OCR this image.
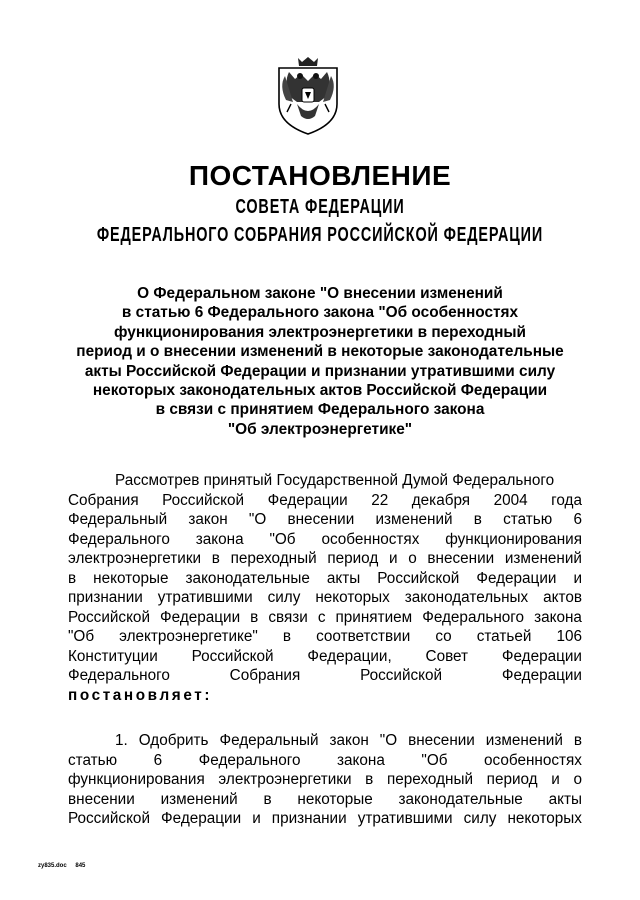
ПОСТАНОВЛЕНИЕ
СОВЕТА ФЕДЕРАЦИИ
ФЕДЕРАЛЬНОГО СОБРАНИЯ РОССИЙСКОЙ ФЕДЕРАЦИИ
О Федеральном законе "О внесении изменений
в статью 6 Федерального закона "Об особенностях
функционирования электроэнергетики в переходный
период и о внесении изменений в некоторые законодательные
акты Российской Федерации и признании утратившими силу
некоторых законодательных актов Российской Федерации
в связи с принятием Федерального закона
"Об электроэнергетике"
Рассмотрев принятый Государственной Думой Федерального
Собрания Российской Федерации 22 декабря 2004 года
Федеральный закон "О внесении изменений в статью 6
Федерального закона "Об особенностях функционирования
электроэнергетики в переходный период и о внесении изменений
в некоторые законодательные акты Российской Федерации и
признании утратившими силу некоторых законодательных актов
Российской Федерации в связи с принятием Федерального закона
"Об электроэнергетике" в соответствии со статьей 106
Конституции Российской Федерации, Совет Федерации
Федерального	Собрания	Российской	Федерации
постановляет:
1. Одобрить Федеральный закон "О внесении изменений в
статью 6 Федерального закона "Об особенностях
функционирования электроэнергетики в переходный период и о
внесении изменений в некоторые законодательные акты
Российской Федерации и признании утратившими силу некоторых
zy835.doc 845
